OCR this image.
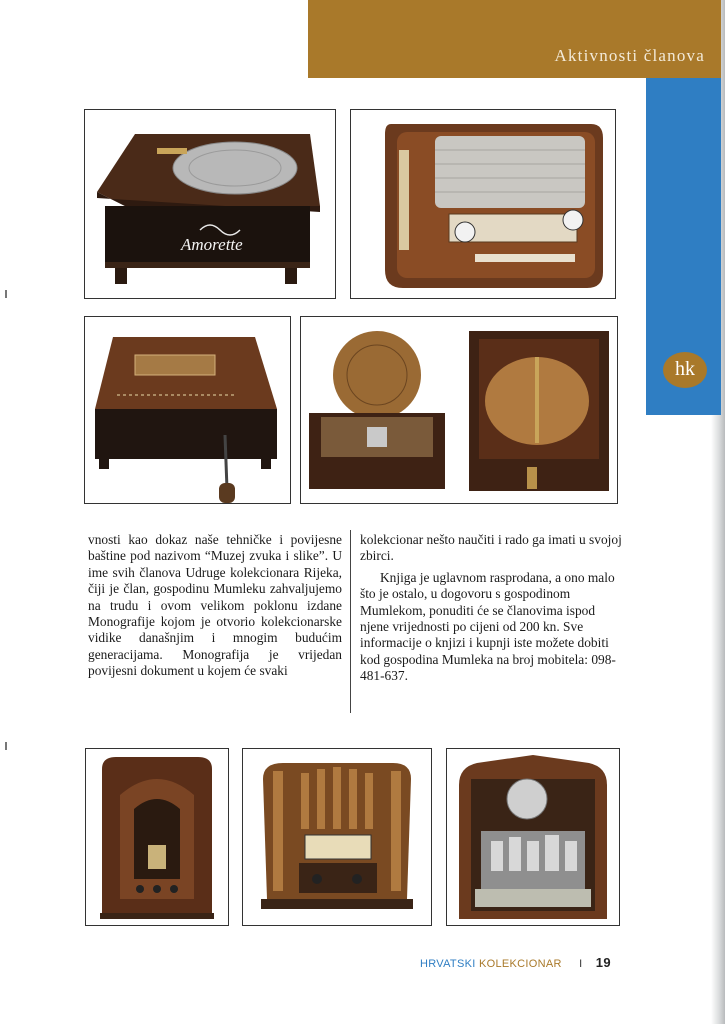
Aktivnosti članova
hk
Amorette

vnosti kao dokaz naše tehničke i povijesne baštine pod nazivom “Muzej zvuka i slike”. U ime svih članova Udruge kolekcionara Rijeka, čiji je član, gospodinu Mumleku zahvaljujemo na trudu i ovom velikom poklonu izdane Monografije kojom je otvorio kolekcionarske vidike današnjim i mnogim budućim generacijama. Monografija je vrijedan povijesni dokument u kojem će svaki

kolekcionar nešto naučiti i rado ga imati u svojoj zbirci.

Knjiga je uglavnom rasprodana, a ono malo što je ostalo, u dogovoru s gospodinom Mumlekom, ponuditi će se članovima ispod njene vrijednosti po cijeni od 200 kn. Sve informacije o knjizi i kupnji iste možete dobiti kod gospodina Mumleka na broj mobitela: 098-481-637.

HRVATSKI KOLEKCIONAR I 19
